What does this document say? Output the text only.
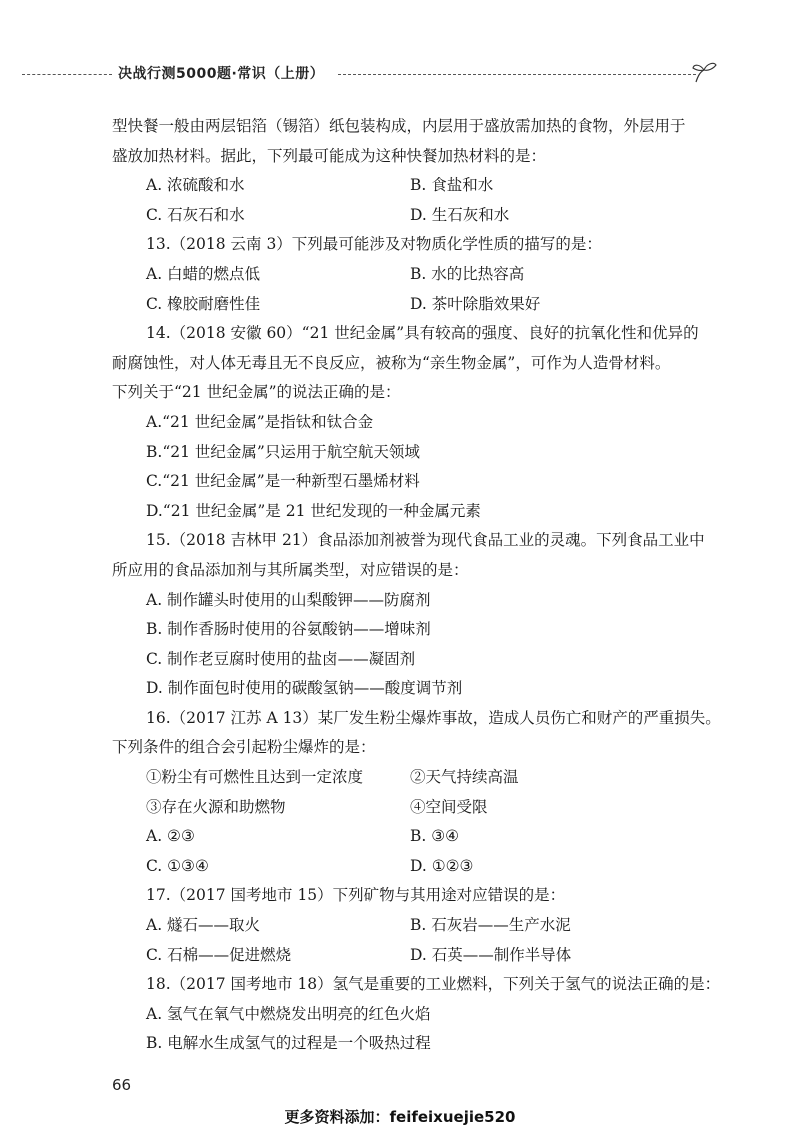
决战行测5000题·常识（上册）
型快餐一般由两层铝箔（锡箔）纸包装构成，内层用于盛放需加热的食物，外层用于
盛放加热材料。据此，下列最可能成为这种快餐加热材料的是：
A. 浓硫酸和水	B. 食盐和水
C. 石灰石和水	D. 生石灰和水
13.（2018 云南 3）下列最可能涉及对物质化学性质的描写的是：
A. 白蜡的燃点低	B. 水的比热容高
C. 橡胶耐磨性佳	D. 茶叶除脂效果好
14.（2018 安徽 60）“21 世纪金属”具有较高的强度、良好的抗氧化性和优异的
耐腐蚀性，对人体无毒且无不良反应，被称为“亲生物金属”，可作为人造骨材料。
下列关于“21 世纪金属”的说法正确的是：
A.“21 世纪金属”是指钛和钛合金
B.“21 世纪金属”只运用于航空航天领域
C.“21 世纪金属”是一种新型石墨烯材料
D.“21 世纪金属”是 21 世纪发现的一种金属元素
15.（2018 吉林甲 21）食品添加剂被誉为现代食品工业的灵魂。下列食品工业中
所应用的食品添加剂与其所属类型，对应错误的是：
A. 制作罐头时使用的山梨酸钾——防腐剂
B. 制作香肠时使用的谷氨酸钠——增味剂
C. 制作老豆腐时使用的盐卤——凝固剂
D. 制作面包时使用的碳酸氢钠——酸度调节剂
16.（2017 江苏 A 13）某厂发生粉尘爆炸事故，造成人员伤亡和财产的严重损失。
下列条件的组合会引起粉尘爆炸的是：
①粉尘有可燃性且达到一定浓度	②天气持续高温
③存在火源和助燃物	④空间受限
A. ②③	B. ③④
C. ①③④	D. ①②③
17.（2017 国考地市 15）下列矿物与其用途对应错误的是：
A. 燧石——取火	B. 石灰岩——生产水泥
C. 石棉——促进燃烧	D. 石英——制作半导体
18.（2017 国考地市 18）氢气是重要的工业燃料，下列关于氢气的说法正确的是：
A. 氢气在氧气中燃烧发出明亮的红色火焰
B. 电解水生成氢气的过程是一个吸热过程
66
更多资料添加：feifeixuejie520
